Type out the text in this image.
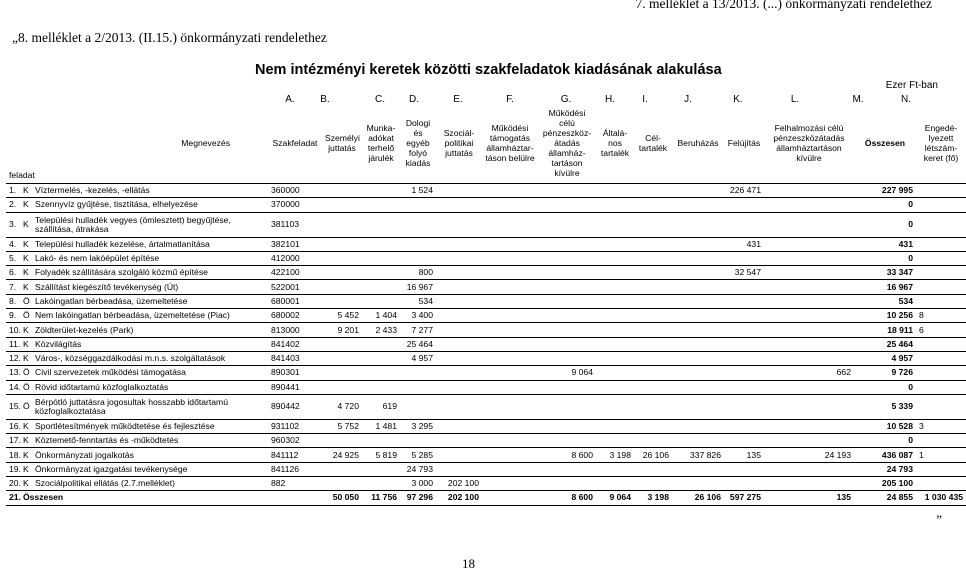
7. melléklet a 13/2013. (...) önkormányzati rendelethez
„8. melléklet a 2/2013. (II.15.) önkormányzati rendelethez
Nem intézményi keretek közötti szakfeladatok kiadásának alakulása
Ezer Ft-ban
A.	B.	C.	D.	E.	F.	G.	H.	I.	J.	K.	L.	M.	N.
feladat		Megnevezés	Szakfeladat	Személyi juttatás	Munka-adókat terhelő járulék	Dologi és egyéb folyó kiadás	Szociál-politikai juttatás	Működési támogatás államháztar-táson belülre	Működési célú pénzeszköz-átadás államház-tartáson kívülre	Általá-nos tartalék	Cél-tartalék	Beruházás	Felújítás	Felhalmozási célú pénzeszközátadás államháztartáson kívülre	Összesen	Engedé-lyezett létszám-keret (fő)	
1.	K	Víztermelés, -kezelés, -ellátás	360000			1 524							226 471		227 995		
2.	K	Szennyvíz gyűjtése, tisztítása, elhelyezése	370000												0		
3.	K	Települési hulladék vegyes (ömlesztett) begyűjtése, szállítása, átrakása	381103												0		
4.	K	Települési hulladék kezelése, ártalmatlanítása	382101										431		431		
5.	K	Lakó- és nem lakóépület építése	412000												0		
6.	K	Folyadék szállítására szolgáló közmű építése	422100			800							32 547		33 347		
7.	K	Szállítást kiegészítő tevékenység (Út)	522001			16 967									16 967		
8.	Ö	Lakóingatlan bérbeadása, üzemeltetése	680001			534									534		
9.	Ö	Nem lakóingatlan bérbeadása, üzemeltetése (Piac)	680002	5 452	1 404	3 400									10 256	8	
10.	K	Zöldterület-kezelés (Park)	813000	9 201	2 433	7 277									18 911	6	
11.	K	Közvilágítás	841402			25 464									25 464		
12.	K	Város-, községgazdálkodási m.n.s. szolgáltatások	841403			4 957									4 957		
13.	Ö	Civil szervezetek működési támogatása	890301						9 064					662	9 726		
14.	Ö	Rövid időtartamú közfoglalkoztatás	890441												0		
15.	Ö	Bérpótló juttatásra jogosultak hosszabb időtartamú közfoglalkoztatása	890442	4 720	619										5 339		
16.	K	Sportlétesítmények működtetése és fejlesztése	931102	5 752	1 481	3 295									10 528	3	
17.	K	Köztemető-fenntartás és -működtetés	960302												0		
18.	K	Önkormányzati jogalkotás	841112	24 925	5 819	5 285			8 600	3 198	26 106	337 826	135	24 193	436 087	1	
19.	K	Önkormányzat igazgatási tevékenysége	841126			24 793									24 793		
20.	K	Szociálpolitikai ellátás (2.7.melléklet)	882			3 000	202 100								205 100		
21.	Összesen			50 050	11 756	97 296	202 100		8 600	9 064	3 198	26 106	597 275	135	24 855	1 030 435	
”
18
